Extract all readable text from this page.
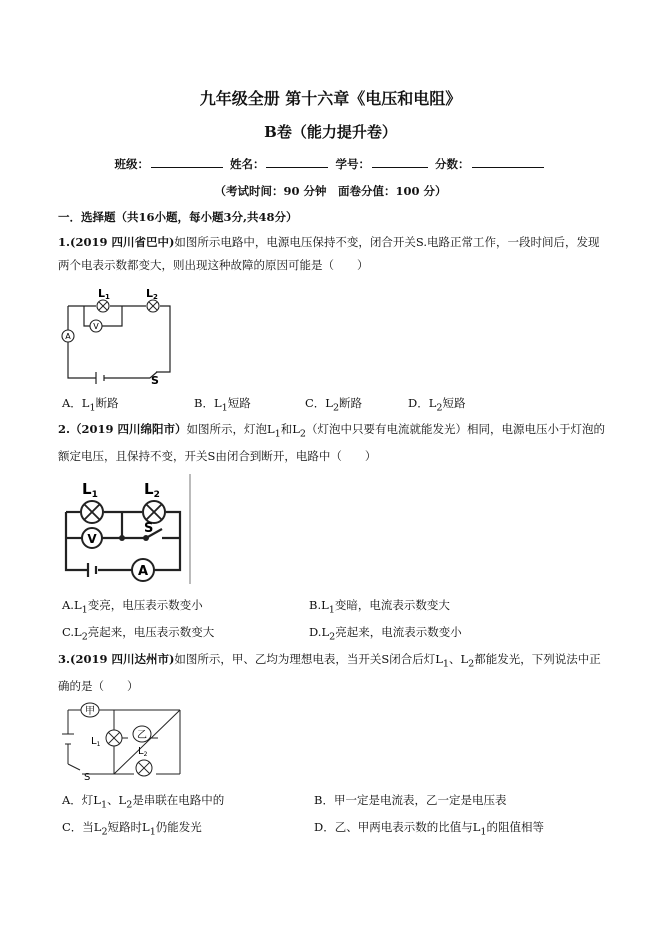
九年级全册 第十六章《电压和电阻》
B卷（能力提升卷）
班级：	姓名：	学号：	分数：
（考试时间：90 分钟　面卷分值：100 分）
一．选择题（共16小题，每小题3分,共48分）
1.(2019 四川省巴中)如图所示电路中，电源电压保持不变，闭合开关S.电路正常工作，一段时间后，发现两个电表示数都变大，则出现这种故障的原因可能是（　　）
V
A
L1	L2
S
A．$L_1$断路	B．$L_1$短路	C．$L_2$断路	D．$L_2$短路
2.（2019 四川绵阳市）如图所示，灯泡$L_1$和$L_2$（灯泡中只要有电流就能发光）相同，电源电压小于灯泡的额定电压，且保持不变，开关S由闭合到断开，电路中（　　）
V
A
$L_1$	$L_2$
S
$A.L_1$变亮，电压表示数变小	$B.L_1$变暗，电流表示数变大
$C.L_2$亮起来，电压表示数变大	$D.L_2$亮起来，电流表示数变小
3.(2019 四川达州市)如图所示，甲、乙均为理想电表，当开关S闭合后灯$L_1$、$L_2$都能发光，下列说法中正确的是（　　）
甲
乙
$L_1$
$L_2$
S
A．灯$L_1$、$L_2$是串联在电路中的	B．甲一定是电流表，乙一定是电压表
C．当$L_2$短路时$L_1$仍能发光	D．乙、甲两电表示数的比值与$L_1$的阻值相等
